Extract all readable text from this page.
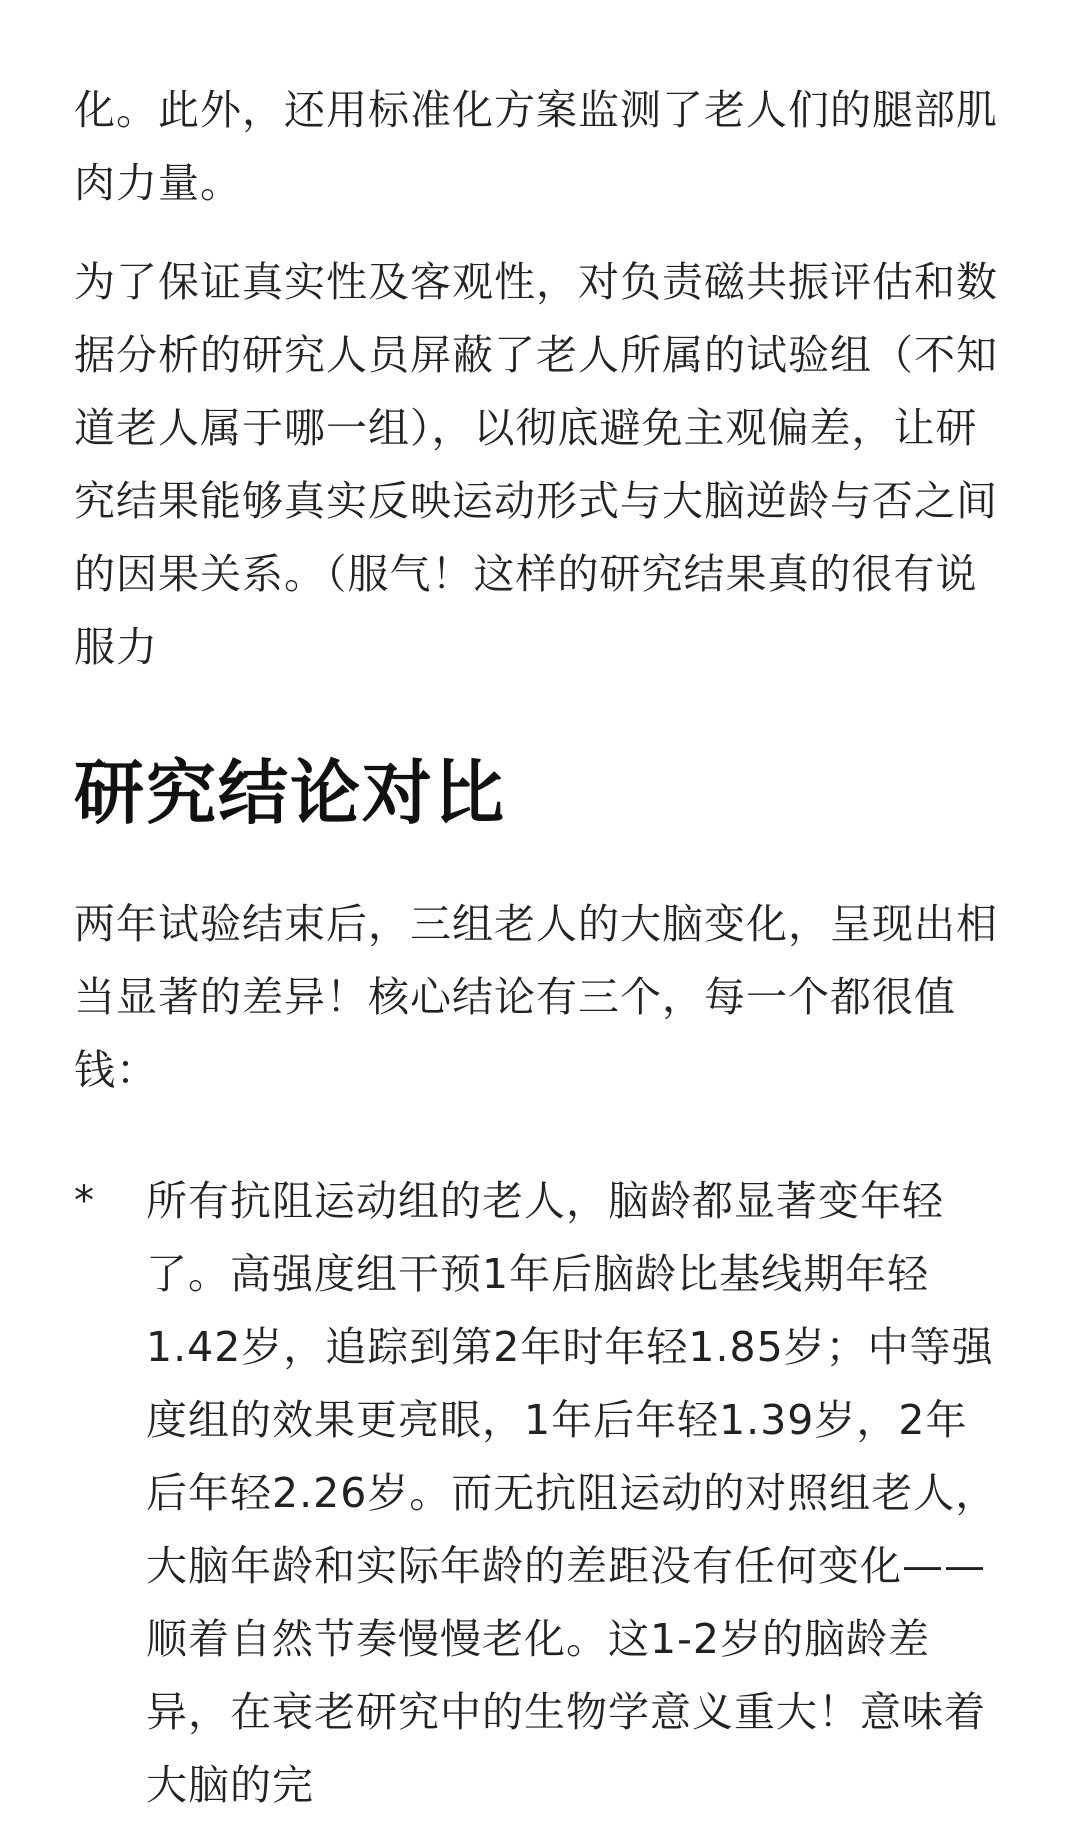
化。此外，还用标准化方案监测了老人们的腿部肌肉力量。

为了保证真实性及客观性，对负责磁共振评估和数据分析的研究人员屏蔽了老人所属的试验组（不知道老人属于哪一组），以彻底避免主观偏差，让研究结果能够真实反映运动形式与大脑逆龄与否之间的因果关系。（服气！这样的研究结果真的很有说服力

研究结论对比

两年试验结束后，三组老人的大脑变化，呈现出相当显著的差异！核心结论有三个，每一个都很值钱：

* 所有抗阻运动组的老人，脑龄都显著变年轻了。高强度组干预1年后脑龄比基线期年轻1.42岁，追踪到第2年时年轻1.85岁；中等强度组的效果更亮眼，1年后年轻1.39岁，2年后年轻2.26岁。而无抗阻运动的对照组老人，大脑年龄和实际年龄的差距没有任何变化——顺着自然节奏慢慢老化。这1-2岁的脑龄差异，在衰老研究中的生物学意义重大！意味着大脑的完
